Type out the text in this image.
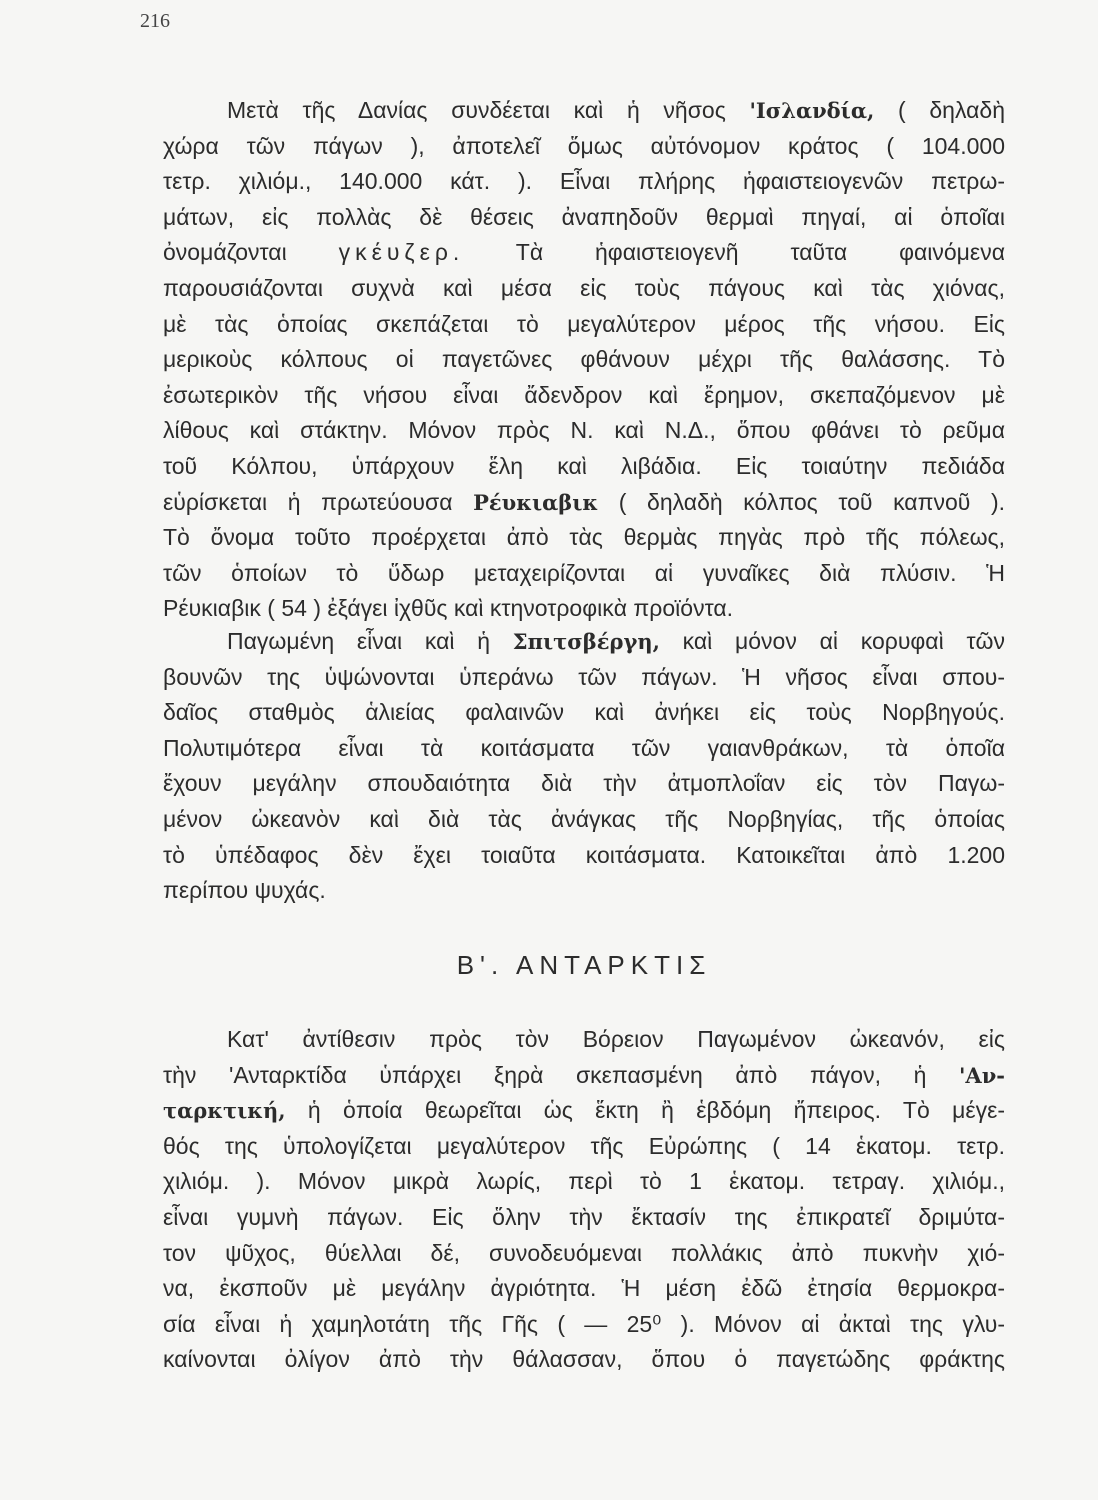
216
Μετὰ τῆς Δανίας συνδέεται καὶ ἡ νῆσος 'Ισλανδία, ( δηλαδὴ
χώρα τῶν πάγων ), ἀποτελεῖ ὅμως αὐτόνομον κράτος ( 104.000
τετρ. χιλιόμ., 140.000 κάτ. ). Εἶναι πλήρης ἡφαιστειογενῶν πετρω-
μάτων, εἰς πολλὰς δὲ θέσεις ἀναπηδοῦν θερμαὶ πηγαί, αἱ ὁποῖαι
ὀνομάζονται γκέυζερ. Τὰ ἡφαιστειογενῆ ταῦτα φαινόμενα
παρουσιάζονται συχνὰ καὶ μέσα εἰς τοὺς πάγους καὶ τὰς χιόνας,
μὲ τὰς ὁποίας σκεπάζεται τὸ μεγαλύτερον μέρος τῆς νήσου. Εἰς
μερικοὺς κόλπους οἱ παγετῶνες φθάνουν μέχρι τῆς θαλάσσης. Τὸ
ἐσωτερικὸν τῆς νήσου εἶναι ἄδενδρον καὶ ἔρημον, σκεπαζόμενον μὲ
λίθους καὶ στάκτην. Μόνον πρὸς Ν. καὶ Ν.Δ., ὅπου φθάνει τὸ ρεῦμα
τοῦ Κόλπου, ὑπάρχουν ἕλη καὶ λιβάδια. Εἰς τοιαύτην πεδιάδα
εὑρίσκεται ἡ πρωτεύουσα Ρέυκιαβικ ( δηλαδὴ κόλπος τοῦ καπνοῦ ).
Τὸ ὄνομα τοῦτο προέρχεται ἀπὸ τὰς θερμὰς πηγὰς πρὸ τῆς πόλεως,
τῶν ὁποίων τὸ ὕδωρ μεταχειρίζονται αἱ γυναῖκες διὰ πλύσιν. Ἡ
Ρέυκιαβικ ( 54 ) ἐξάγει ἰχθῦς καὶ κτηνοτροφικὰ προϊόντα.
Παγωμένη εἶναι καὶ ἡ Σπιτσβέργη, καὶ μόνον αἱ κορυφαὶ τῶν
βουνῶν της ὑψώνονται ὑπεράνω τῶν πάγων. Ἡ νῆσος εἶναι σπου-
δαῖος σταθμὸς ἁλιείας φαλαινῶν καὶ ἀνήκει εἰς τοὺς Νορβηγούς.
Πολυτιμότερα εἶναι τὰ κοιτάσματα τῶν γαιανθράκων, τὰ ὁποῖα
ἔχουν μεγάλην σπουδαιότητα διὰ τὴν ἀτμοπλοΐαν εἰς τὸν Παγω-
μένον ὠκεανὸν καὶ διὰ τὰς ἀνάγκας τῆς Νορβηγίας, τῆς ὁποίας
τὸ ὑπέδαφος δὲν ἔχει τοιαῦτα κοιτάσματα. Κατοικεῖται ἀπὸ 1.200
περίπου ψυχάς.
Β'. ΑΝΤΑΡΚΤΙΣ
Κατ' ἀντίθεσιν πρὸς τὸν Βόρειον Παγωμένον ὠκεανόν, εἰς
τὴν 'Ανταρκτίδα ὑπάρχει ξηρὰ σκεπασμένη ἀπὸ πάγον, ἡ 'Αν-
ταρκτική, ἡ ὁποία θεωρεῖται ὡς ἕκτη ἢ ἑβδόμη ἤπειρος. Τὸ μέγε-
θός της ὑπολογίζεται μεγαλύτερον τῆς Εὐρώπης ( 14 ἑκατομ. τετρ.
χιλιόμ. ). Μόνον μικρὰ λωρίς, περὶ τὸ 1 ἑκατομ. τετραγ. χιλιόμ.,
εἶναι γυμνὴ πάγων. Εἰς ὅλην τὴν ἔκτασίν της ἐπικρατεῖ δριμύτα-
τον ψῦχος, θύελλαι δέ, συνοδευόμεναι πολλάκις ἀπὸ πυκνὴν χιό-
να, ἐκσποῦν μὲ μεγάλην ἀγριότητα. Ἡ μέση ἐδῶ ἐτησία θερμοκρα-
σία εἶναι ἡ χαμηλοτάτη τῆς Γῆς ( — 25⁰ ). Μόνον αἱ ἀκταὶ της γλυ-
καίνονται ὀλίγον ἀπὸ τὴν θάλασσαν, ὅπου ὁ παγετώδης φράκτης
